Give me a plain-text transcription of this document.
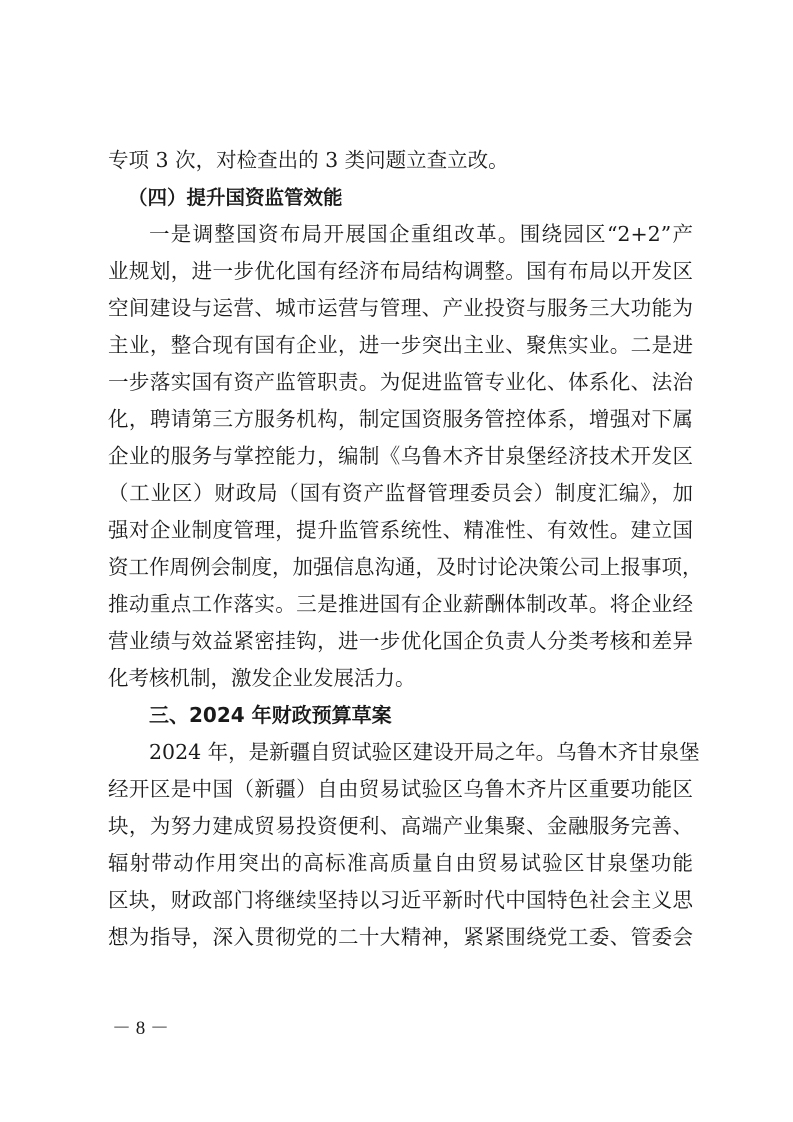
专项 3 次，对检查出的 3 类问题立查立改。
（四）提升国资监管效能
一是调整国资布局开展国企重组改革。围绕园区“2+2”产
业规划，进一步优化国有经济布局结构调整。国有布局以开发区
空间建设与运营、城市运营与管理、产业投资与服务三大功能为
主业，整合现有国有企业，进一步突出主业、聚焦实业。二是进
一步落实国有资产监管职责。为促进监管专业化、体系化、法治
化，聘请第三方服务机构，制定国资服务管控体系，增强对下属
企业的服务与掌控能力，编制《乌鲁木齐甘泉堡经济技术开发区
（工业区）财政局（国有资产监督管理委员会）制度汇编》，加
强对企业制度管理，提升监管系统性、精准性、有效性。建立国
资工作周例会制度，加强信息沟通，及时讨论决策公司上报事项，
推动重点工作落实。三是推进国有企业薪酬体制改革。将企业经
营业绩与效益紧密挂钩，进一步优化国企负责人分类考核和差异
化考核机制，激发企业发展活力。
三、2024 年财政预算草案
2024 年，是新疆自贸试验区建设开局之年。乌鲁木齐甘泉堡
经开区是中国（新疆）自由贸易试验区乌鲁木齐片区重要功能区
块，为努力建成贸易投资便利、高端产业集聚、金融服务完善、
辐射带动作用突出的高标准高质量自由贸易试验区甘泉堡功能
区块，财政部门将继续坚持以习近平新时代中国特色社会主义思
想为指导，深入贯彻党的二十大精神，紧紧围绕党工委、管委会
－ 8 －
